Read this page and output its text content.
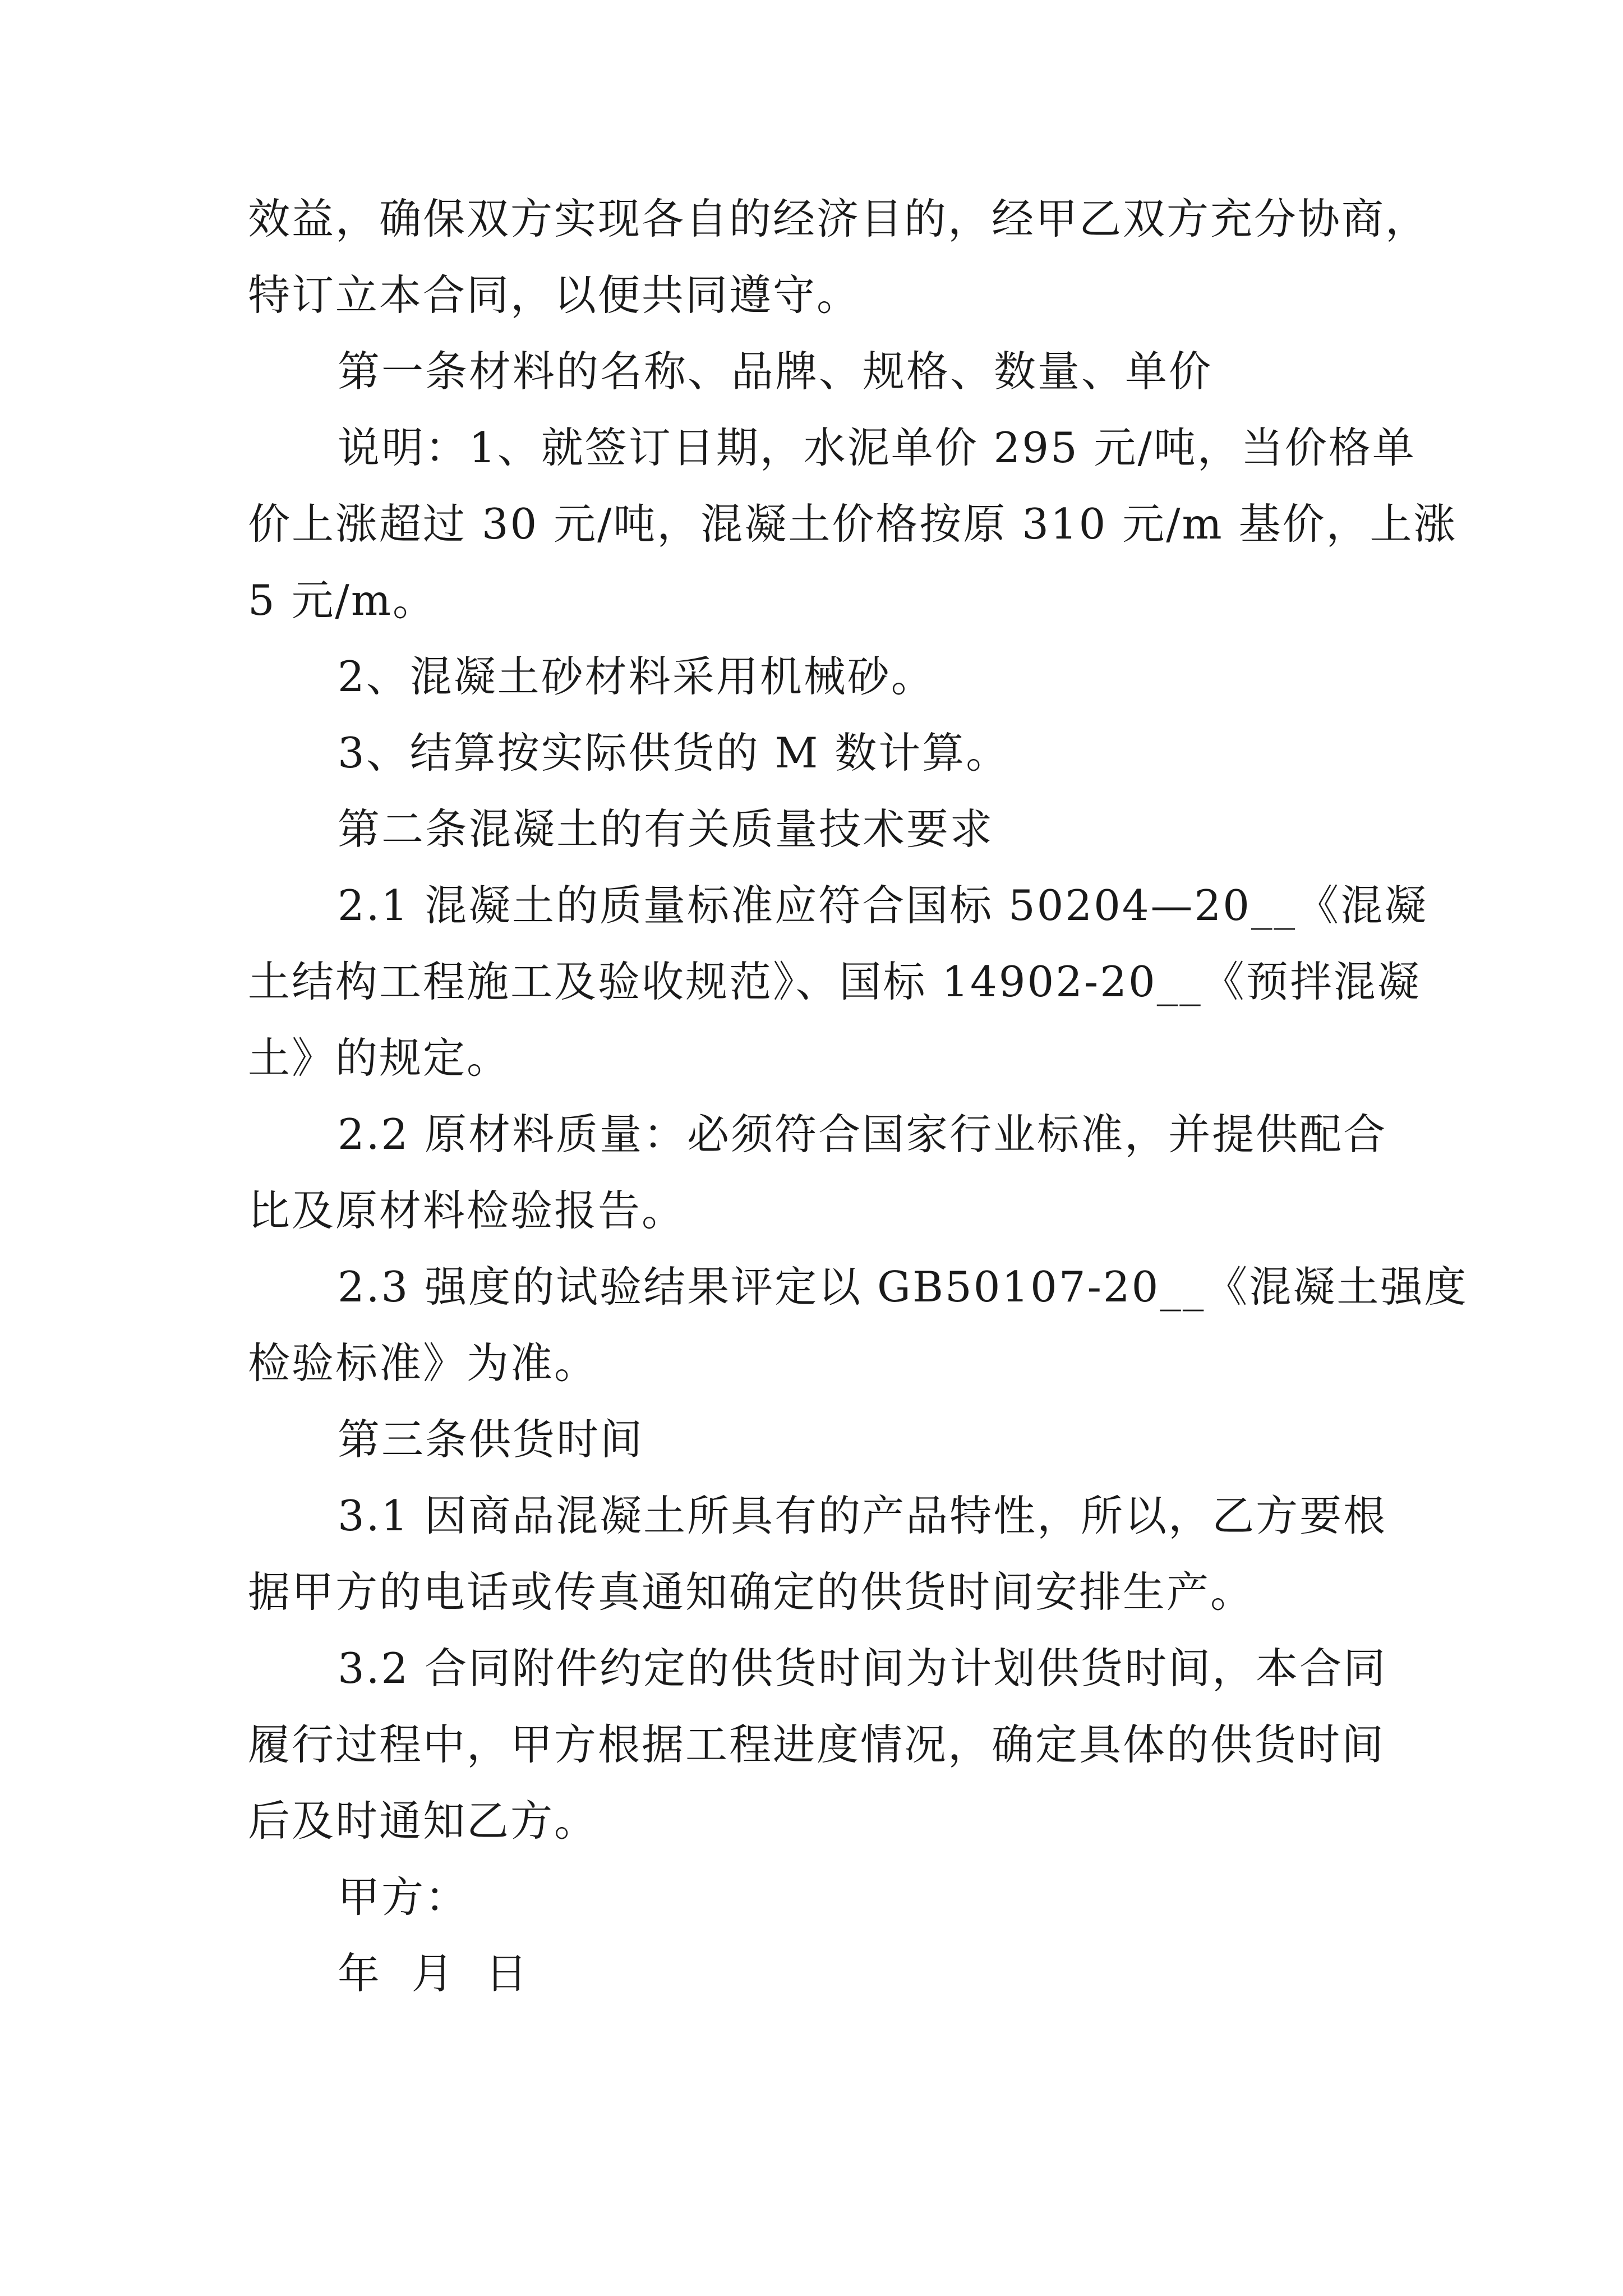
效益，确保双方实现各自的经济目的，经甲乙双方充分协商，
特订立本合同，以便共同遵守。
第一条材料的名称、品牌、规格、数量、单价
说明：1、就签订日期，水泥单价 295 元/吨，当价格单
价上涨超过 30 元/吨，混凝土价格按原 310 元/m 基价，上涨
5 元/m。
2、混凝土砂材料采用机械砂。
3、结算按实际供货的 M 数计算。
第二条混凝土的有关质量技术要求
2.1 混凝土的质量标准应符合国标 50204—20__《混凝
土结构工程施工及验收规范》、国标 14902-20__《预拌混凝
土》的规定。
2.2 原材料质量：必须符合国家行业标准，并提供配合
比及原材料检验报告。
2.3 强度的试验结果评定以 GB50107-20__《混凝土强度
检验标准》为准。
第三条供货时间
3.1 因商品混凝土所具有的产品特性，所以，乙方要根
据甲方的电话或传真通知确定的供货时间安排生产。
3.2 合同附件约定的供货时间为计划供货时间，本合同
履行过程中，甲方根据工程进度情况，确定具体的供货时间
后及时通知乙方。
甲方：
年  月  日
